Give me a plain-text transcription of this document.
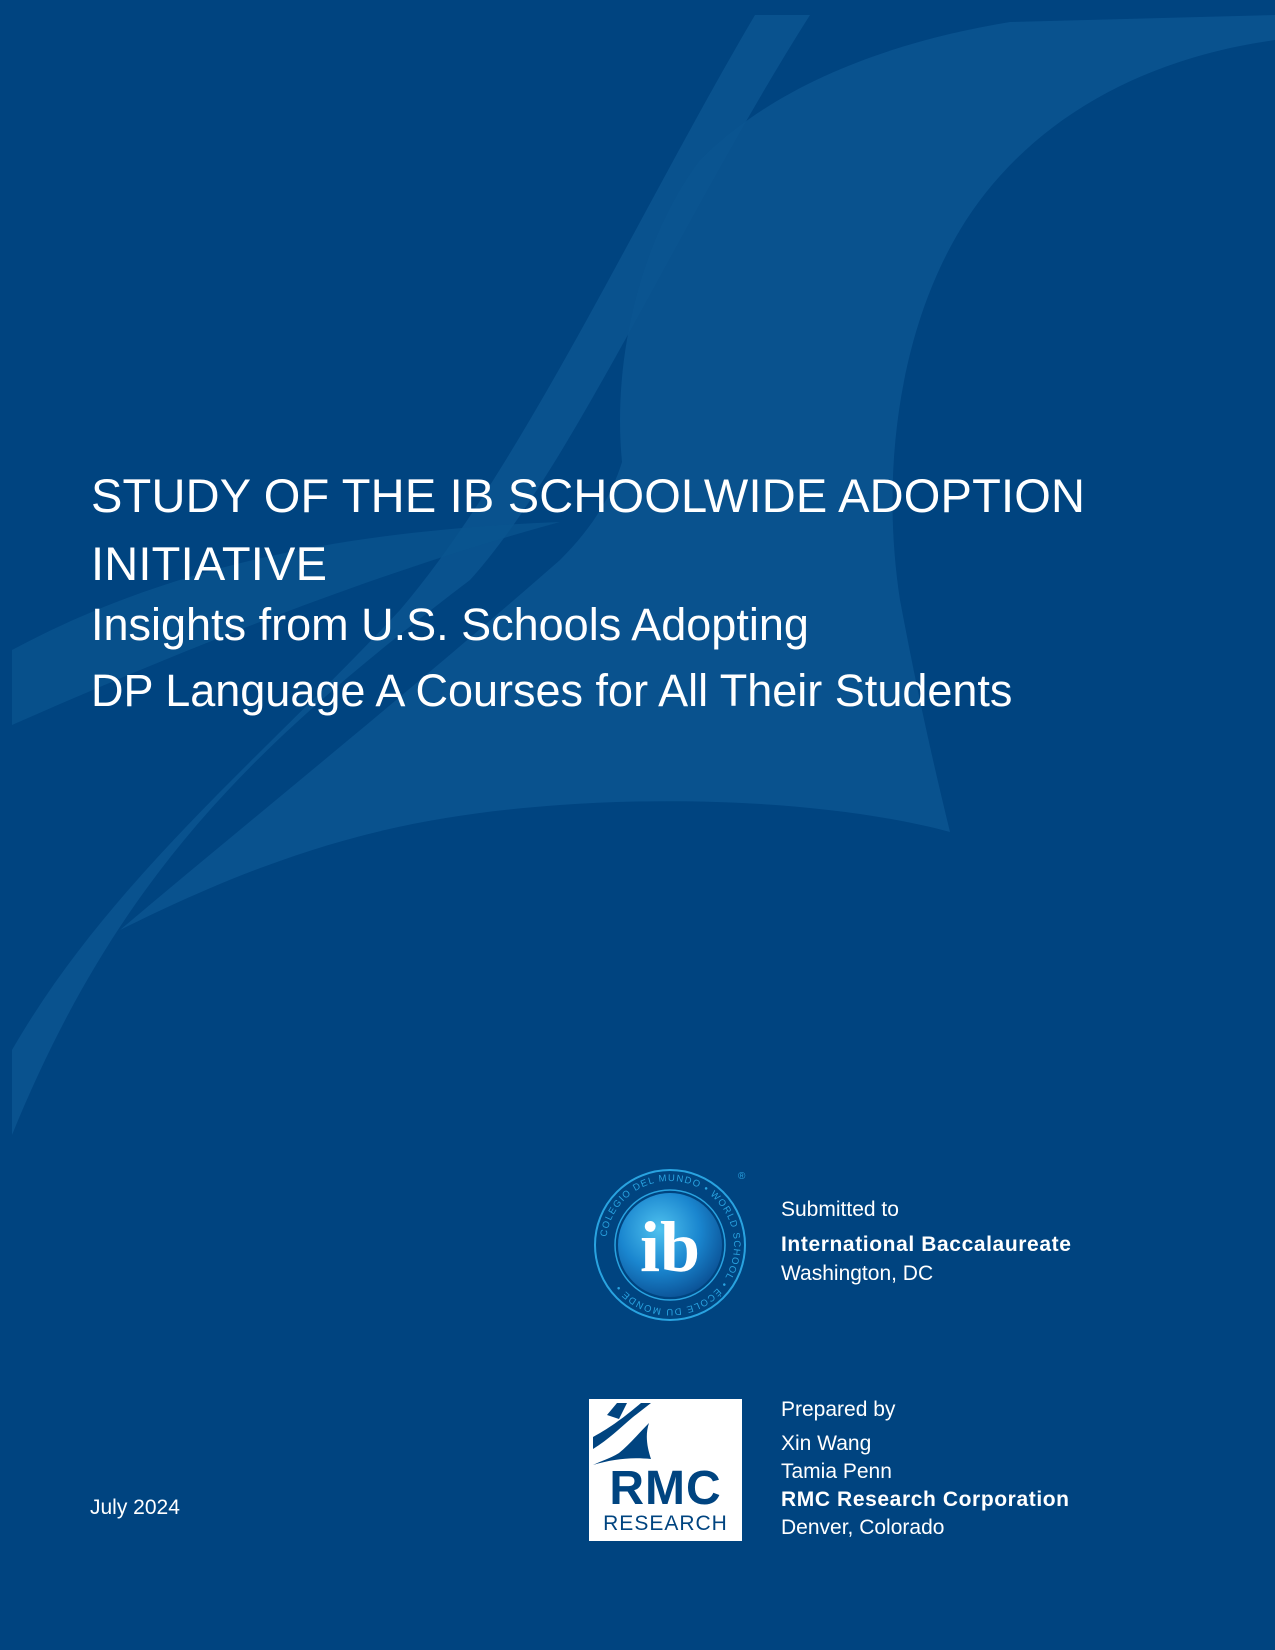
STUDY OF THE IB SCHOOLWIDE ADOPTION INITIATIVE
Insights from U.S. Schools Adopting
DP Language A Courses for All Their Students
COLEGIO DEL MUNDO • WORLD SCHOOL • ÉCOLE DU MONDE •
ib
®
Submitted to
International Baccalaureate
Washington, DC
RMC
RESEARCH
Prepared by
Xin Wang
Tamia Penn
RMC Research Corporation
Denver, Colorado
July 2024
